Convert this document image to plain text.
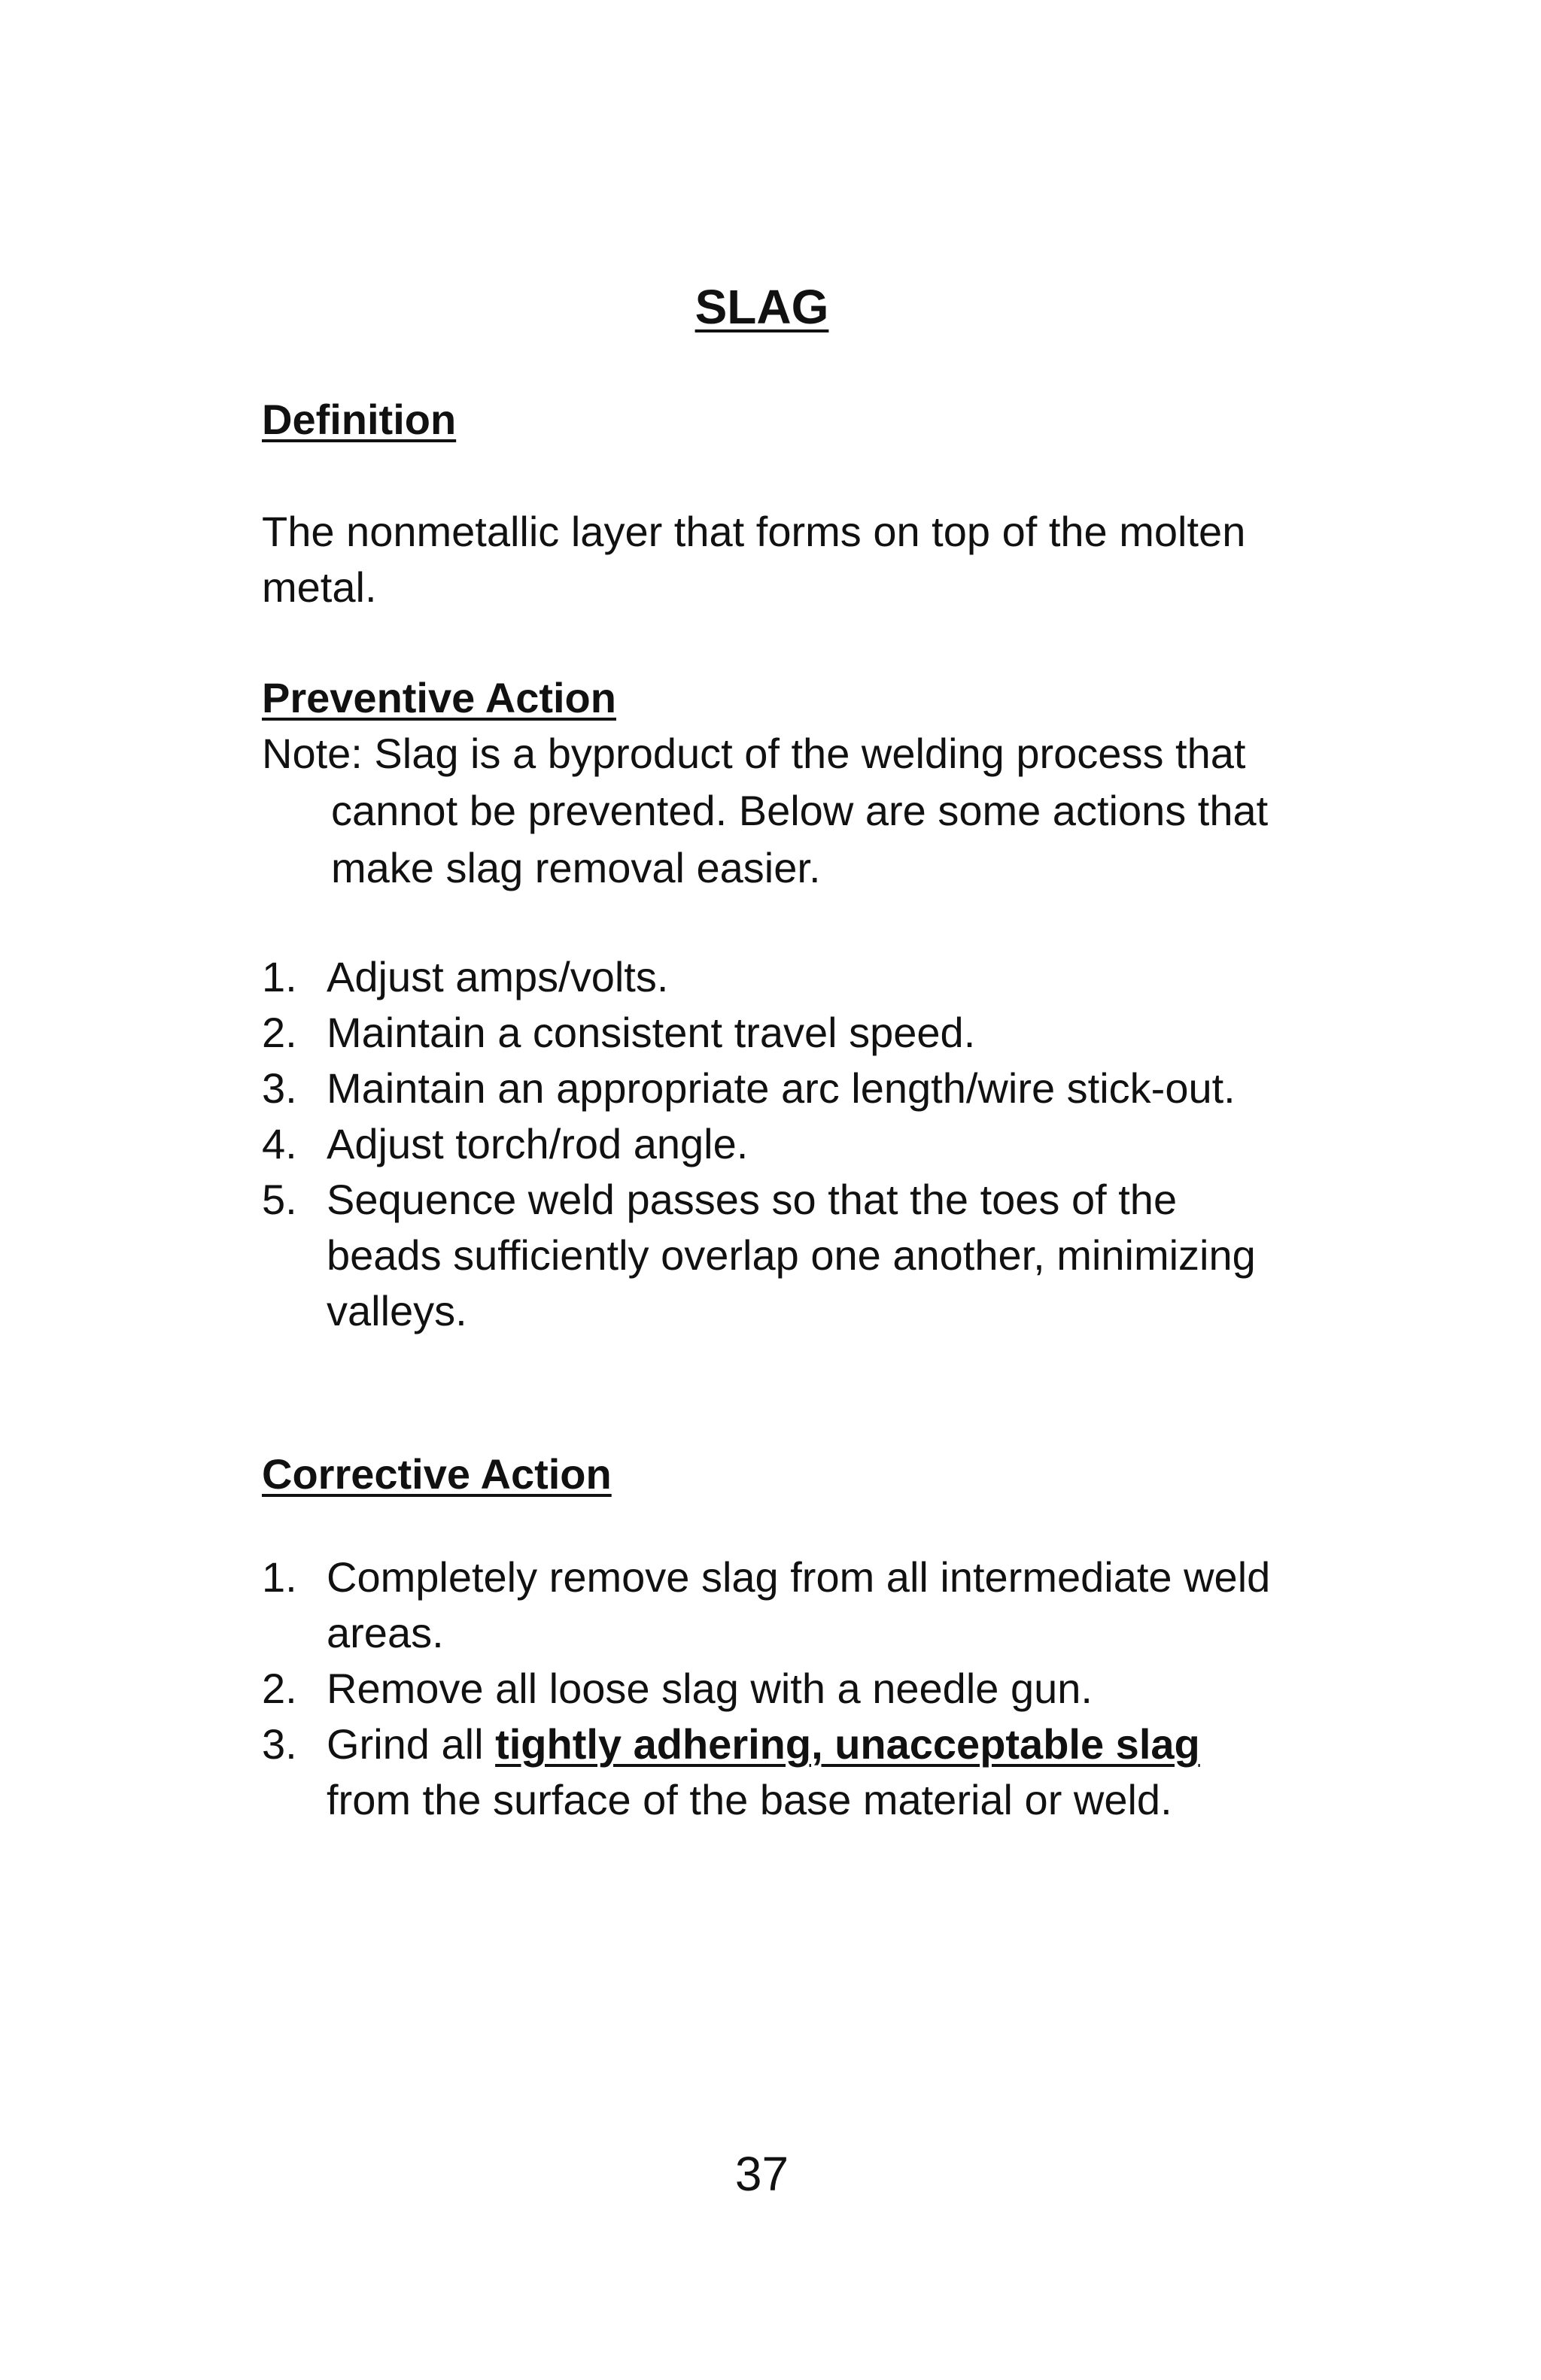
SLAG
Definition

The nonmetallic layer that forms on top of the molten metal.

Preventive Action

Note: Slag is a byproduct of the welding process that cannot be prevented. Below are some actions that make slag removal easier.

1. Adjust amps/volts.
2. Maintain a consistent travel speed.
3. Maintain an appropriate arc length/wire stick-out.
4. Adjust torch/rod angle.
5. Sequence weld passes so that the toes of the beads sufficiently overlap one another, minimizing valleys.
Corrective Action
1. Completely remove slag from all intermediate weld areas.
2. Remove all loose slag with a needle gun.
3. Grind all tightly adhering, unacceptable slag from the surface of the base material or weld.
37
